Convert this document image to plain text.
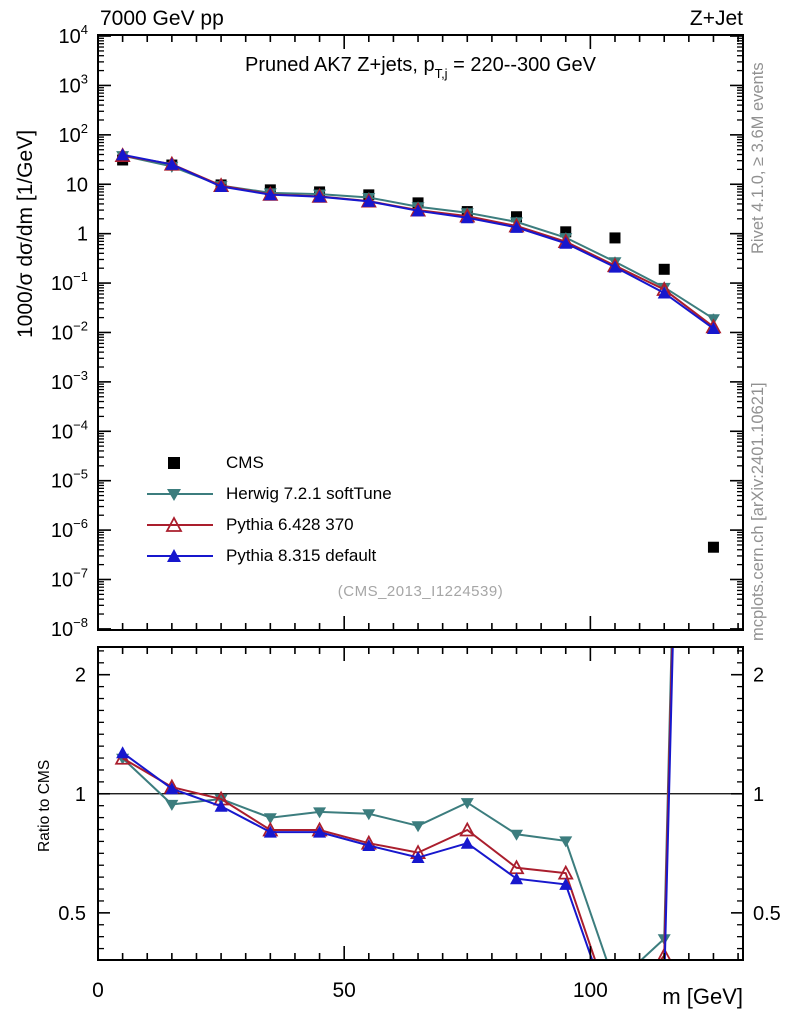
$10^4$
$10^3$
$10^2$
10
1
$10^{-1}$
$10^{-2}$
$10^{-3}$
$10^{-4}$
$10^{-5}$
$10^{-6}$
$10^{-7}$
$10^{-8}$
2	2
1	1
0.5	0.5
0	50	100
7000 GeV pp	Z+Jet
Pruned AK7 Z+jets, $p_{T,j} = 220--300$ GeV
1000/σ dσ/dm [1/GeV]
Ratio to CMS
Rivet 4.1.0, ≥ 3.6M events
mcplots.cern.ch [arXiv:2401.10621]
(CMS_2013_I1224539)
m [GeV]
CMS
Herwig 7.2.1 softTune
Pythia 6.428 370
Pythia 8.315 default
